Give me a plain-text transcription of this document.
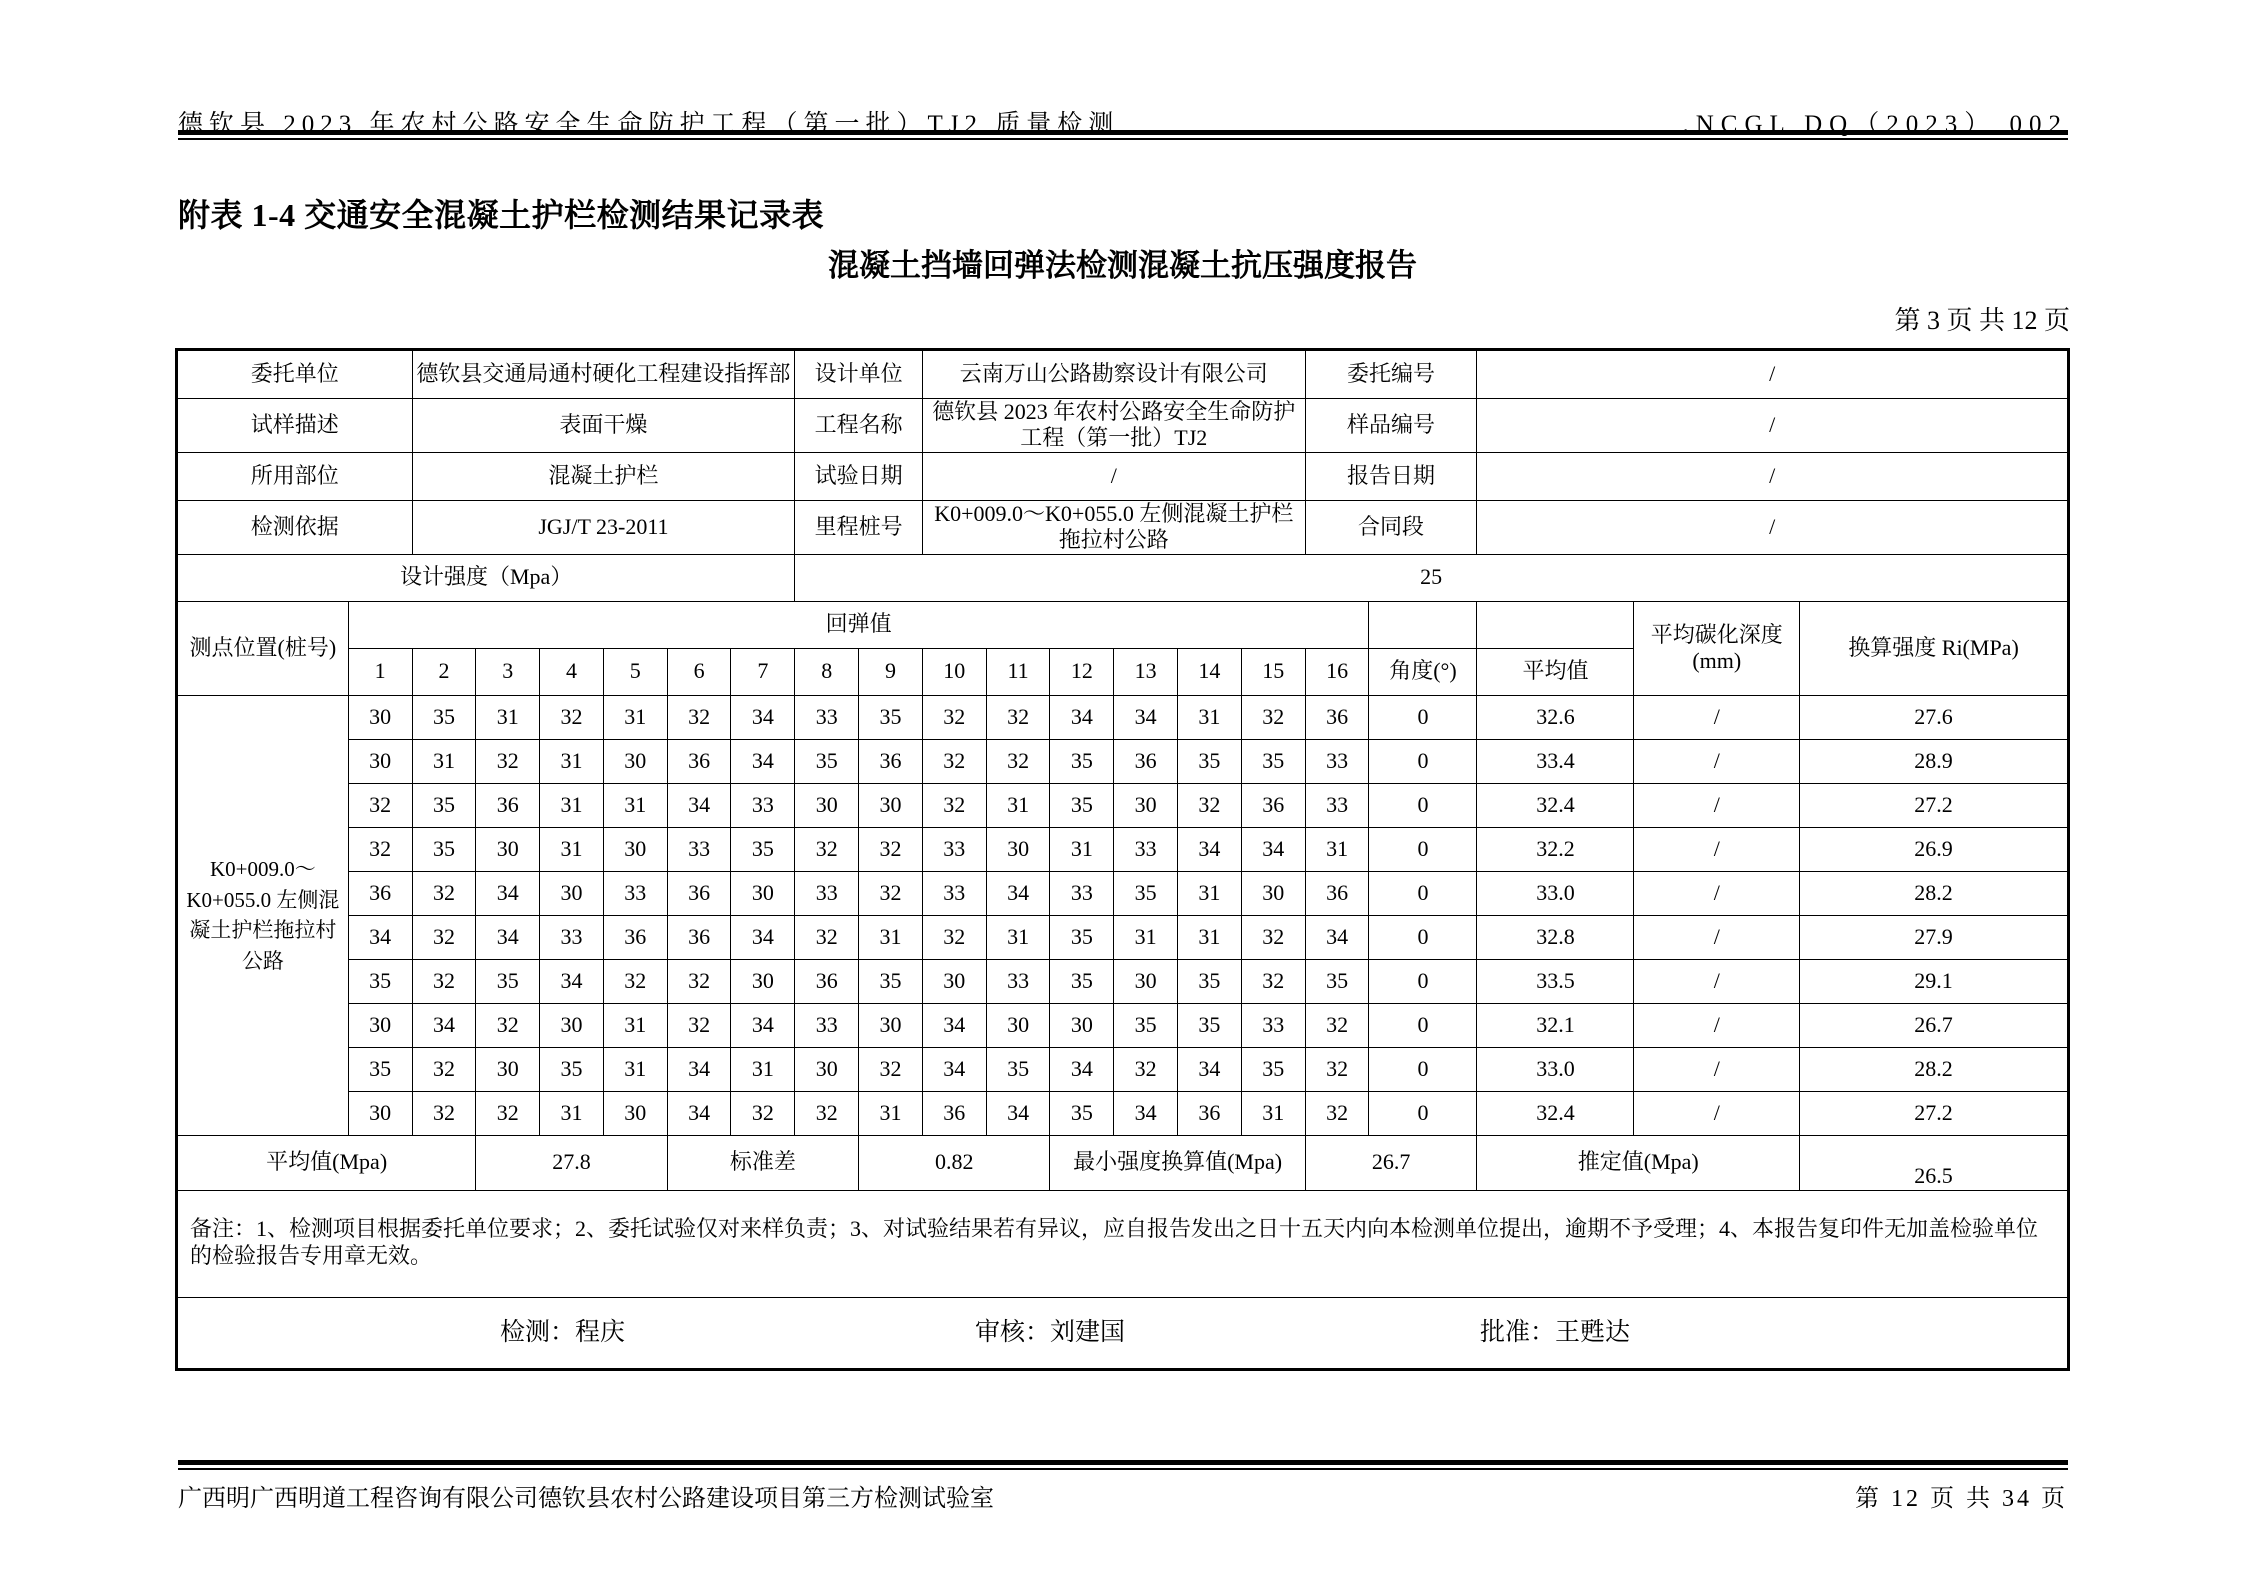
德钦县 2023 年农村公路安全生命防护工程（第一批）TJ2 质量检测	.NCGL DQ（2023） 002
附表 1-4 交通安全混凝土护栏检测结果记录表
混凝土挡墙回弹法检测混凝土抗压强度报告
第 3 页 共 12 页
委托单位		德钦县交通局通村硬化工程建设指挥部						设计单位		云南万山公路勘察设计有限公司						委托编号		/		
试样描述		表面干燥						工程名称		德钦县 2023 年农村公路安全生命防护工程（第一批）TJ2						样品编号		/		
所用部位		混凝土护栏						试验日期		/						报告日期		/		
检测依据		JGJ/T 23-2011						里程桩号		K0+009.0～K0+055.0 左侧混凝土护栏拖拉村公路						合同段		/		
设计强度（Mpa）								25												
测点位置(桩号)	回弹值																		平均碳化深度(mm)	换算强度 Ri(MPa)
	1	2	3	4	5	6	7	8	9	10	11	12	13	14	15	16	角度(°)	平均值		
K0+009.0～K0+055.0 左侧混凝土护栏拖拉村公路	30	35	31	32	31	32	34	33	35	32	32	34	34	31	32	36	0	32.6	/	27.6
	30	31	32	31	30	36	34	35	36	32	32	35	36	35	35	33	0	33.4	/	28.9
	32	35	36	31	31	34	33	30	30	32	31	35	30	32	36	33	0	32.4	/	27.2
	32	35	30	31	30	33	35	32	32	33	30	31	33	34	34	31	0	32.2	/	26.9
	36	32	34	30	33	36	30	33	32	33	34	33	35	31	30	36	0	33.0	/	28.2
	34	32	34	33	36	36	34	32	31	32	31	35	31	31	32	34	0	32.8	/	27.9
	35	32	35	34	32	32	30	36	35	30	33	35	30	35	32	35	0	33.5	/	29.1
	30	34	32	30	31	32	34	33	30	34	30	30	35	35	33	32	0	32.1	/	26.7
	35	32	30	35	31	34	31	30	32	34	35	34	32	34	35	32	0	33.0	/	28.2
	30	32	32	31	30	34	32	32	31	36	34	35	34	36	31	32	0	32.4	/	27.2
平均值(Mpa)			27.8			标准差			0.82			最小强度换算值(Mpa)				26.7		推定值(Mpa)		26.5
备注：1、检测项目根据委托单位要求；2、委托试验仅对来样负责；3、对试验结果若有异议，应自报告发出之日十五天内向本检测单位提出，逾期不予受理；4、本报告复印件无加盖检验单位的检验报告专用章无效。																				

检测：程庆 审核：刘建国 批准：王甦达																				
广西明广西明道工程咨询有限公司德钦县农村公路建设项目第三方检测试验室	第 12 页 共 34 页
